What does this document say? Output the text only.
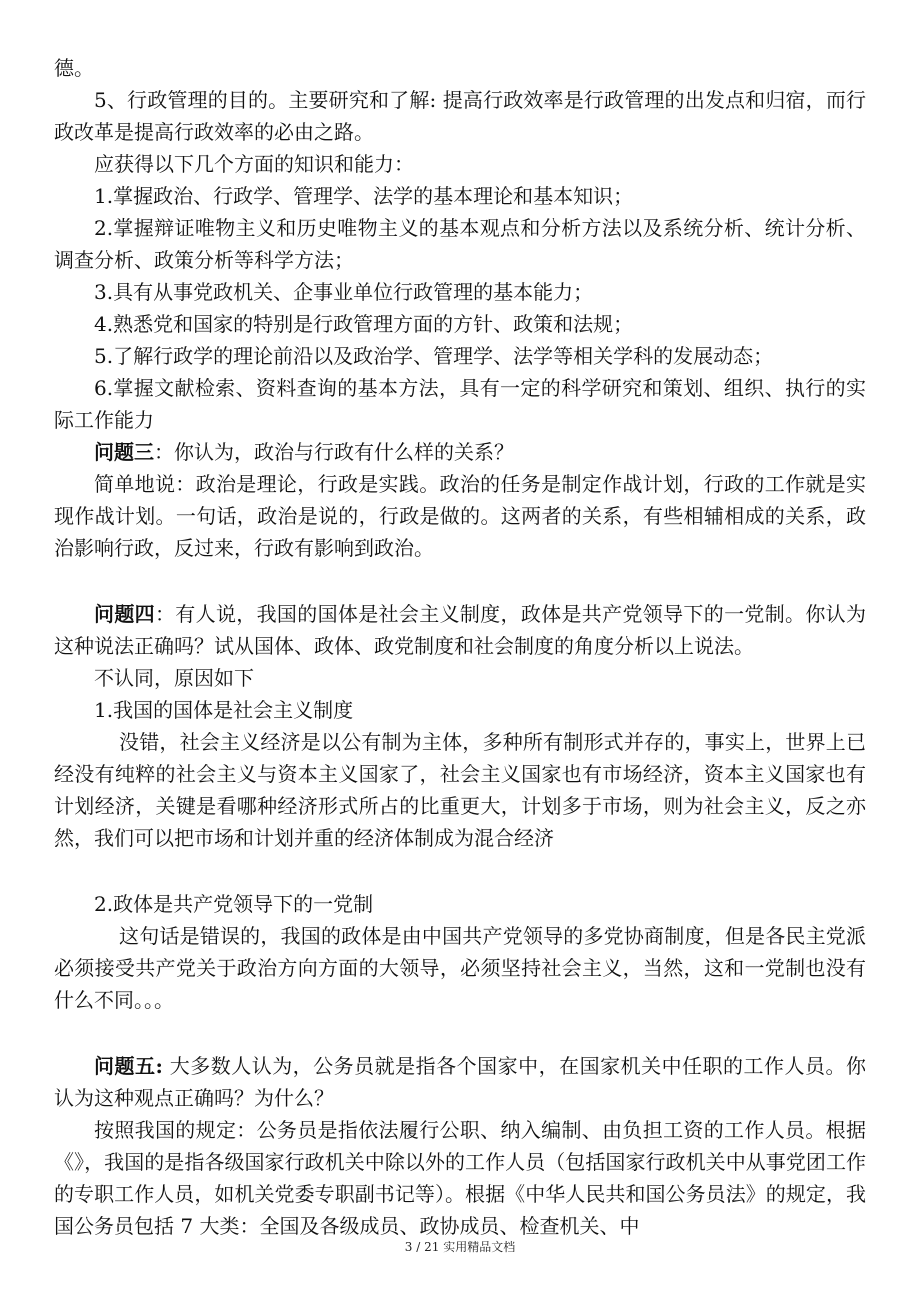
德。

5、行政管理的目的。主要研究和了解: 提高行政效率是行政管理的出发点和归宿，而行政改革是提高行政效率的必由之路。

应获得以下几个方面的知识和能力：

1.掌握政治、行政学、管理学、法学的基本理论和基本知识；

2.掌握辩证唯物主义和历史唯物主义的基本观点和分析方法以及系统分析、统计分析、调查分析、政策分析等科学方法；

3.具有从事党政机关、企事业单位行政管理的基本能力；

4.熟悉党和国家的特别是行政管理方面的方针、政策和法规；

5.了解行政学的理论前沿以及政治学、管理学、法学等相关学科的发展动态；

6.掌握文献检索、资料查询的基本方法，具有一定的科学研究和策划、组织、执行的实际工作能力

问题三：你认为，政治与行政有什么样的关系？

简单地说：政治是理论，行政是实践。政治的任务是制定作战计划，行政的工作就是实现作战计划。一句话，政治是说的，行政是做的。这两者的关系，有些相辅相成的关系，政治影响行政，反过来，行政有影响到政治。

问题四：有人说，我国的国体是社会主义制度，政体是共产党领导下的一党制。你认为这种说法正确吗？试从国体、政体、政党制度和社会制度的角度分析以上说法。

不认同，原因如下

1.我国的国体是社会主义制度

没错，社会主义经济是以公有制为主体，多种所有制形式并存的，事实上，世界上已经没有纯粹的社会主义与资本主义国家了，社会主义国家也有市场经济，资本主义国家也有计划经济，关键是看哪种经济形式所占的比重更大，计划多于市场，则为社会主义，反之亦然，我们可以把市场和计划并重的经济体制成为混合经济

2.政体是共产党领导下的一党制

这句话是错误的，我国的政体是由中国共产党领导的多党协商制度，但是各民主党派必须接受共产党关于政治方向方面的大领导，必须坚持社会主义，当然，这和一党制也没有什么不同。。。

问题五: 大多数人认为，公务员就是指各个国家中，在国家机关中任职的工作人员。你认为这种观点正确吗？为什么？

按照我国的规定：公务员是指依法履行公职、纳入编制、由负担工资的工作人员。根据《》，我国的是指各级国家行政机关中除以外的工作人员（包括国家行政机关中从事党团工作的专职工作人员，如机关党委专职副书记等）。根据《中华人民共和国公务员法》的规定，我国公务员包括 7 大类：全国及各级成员、政协成员、检查机关、中

3 / 21 实用精品文档
